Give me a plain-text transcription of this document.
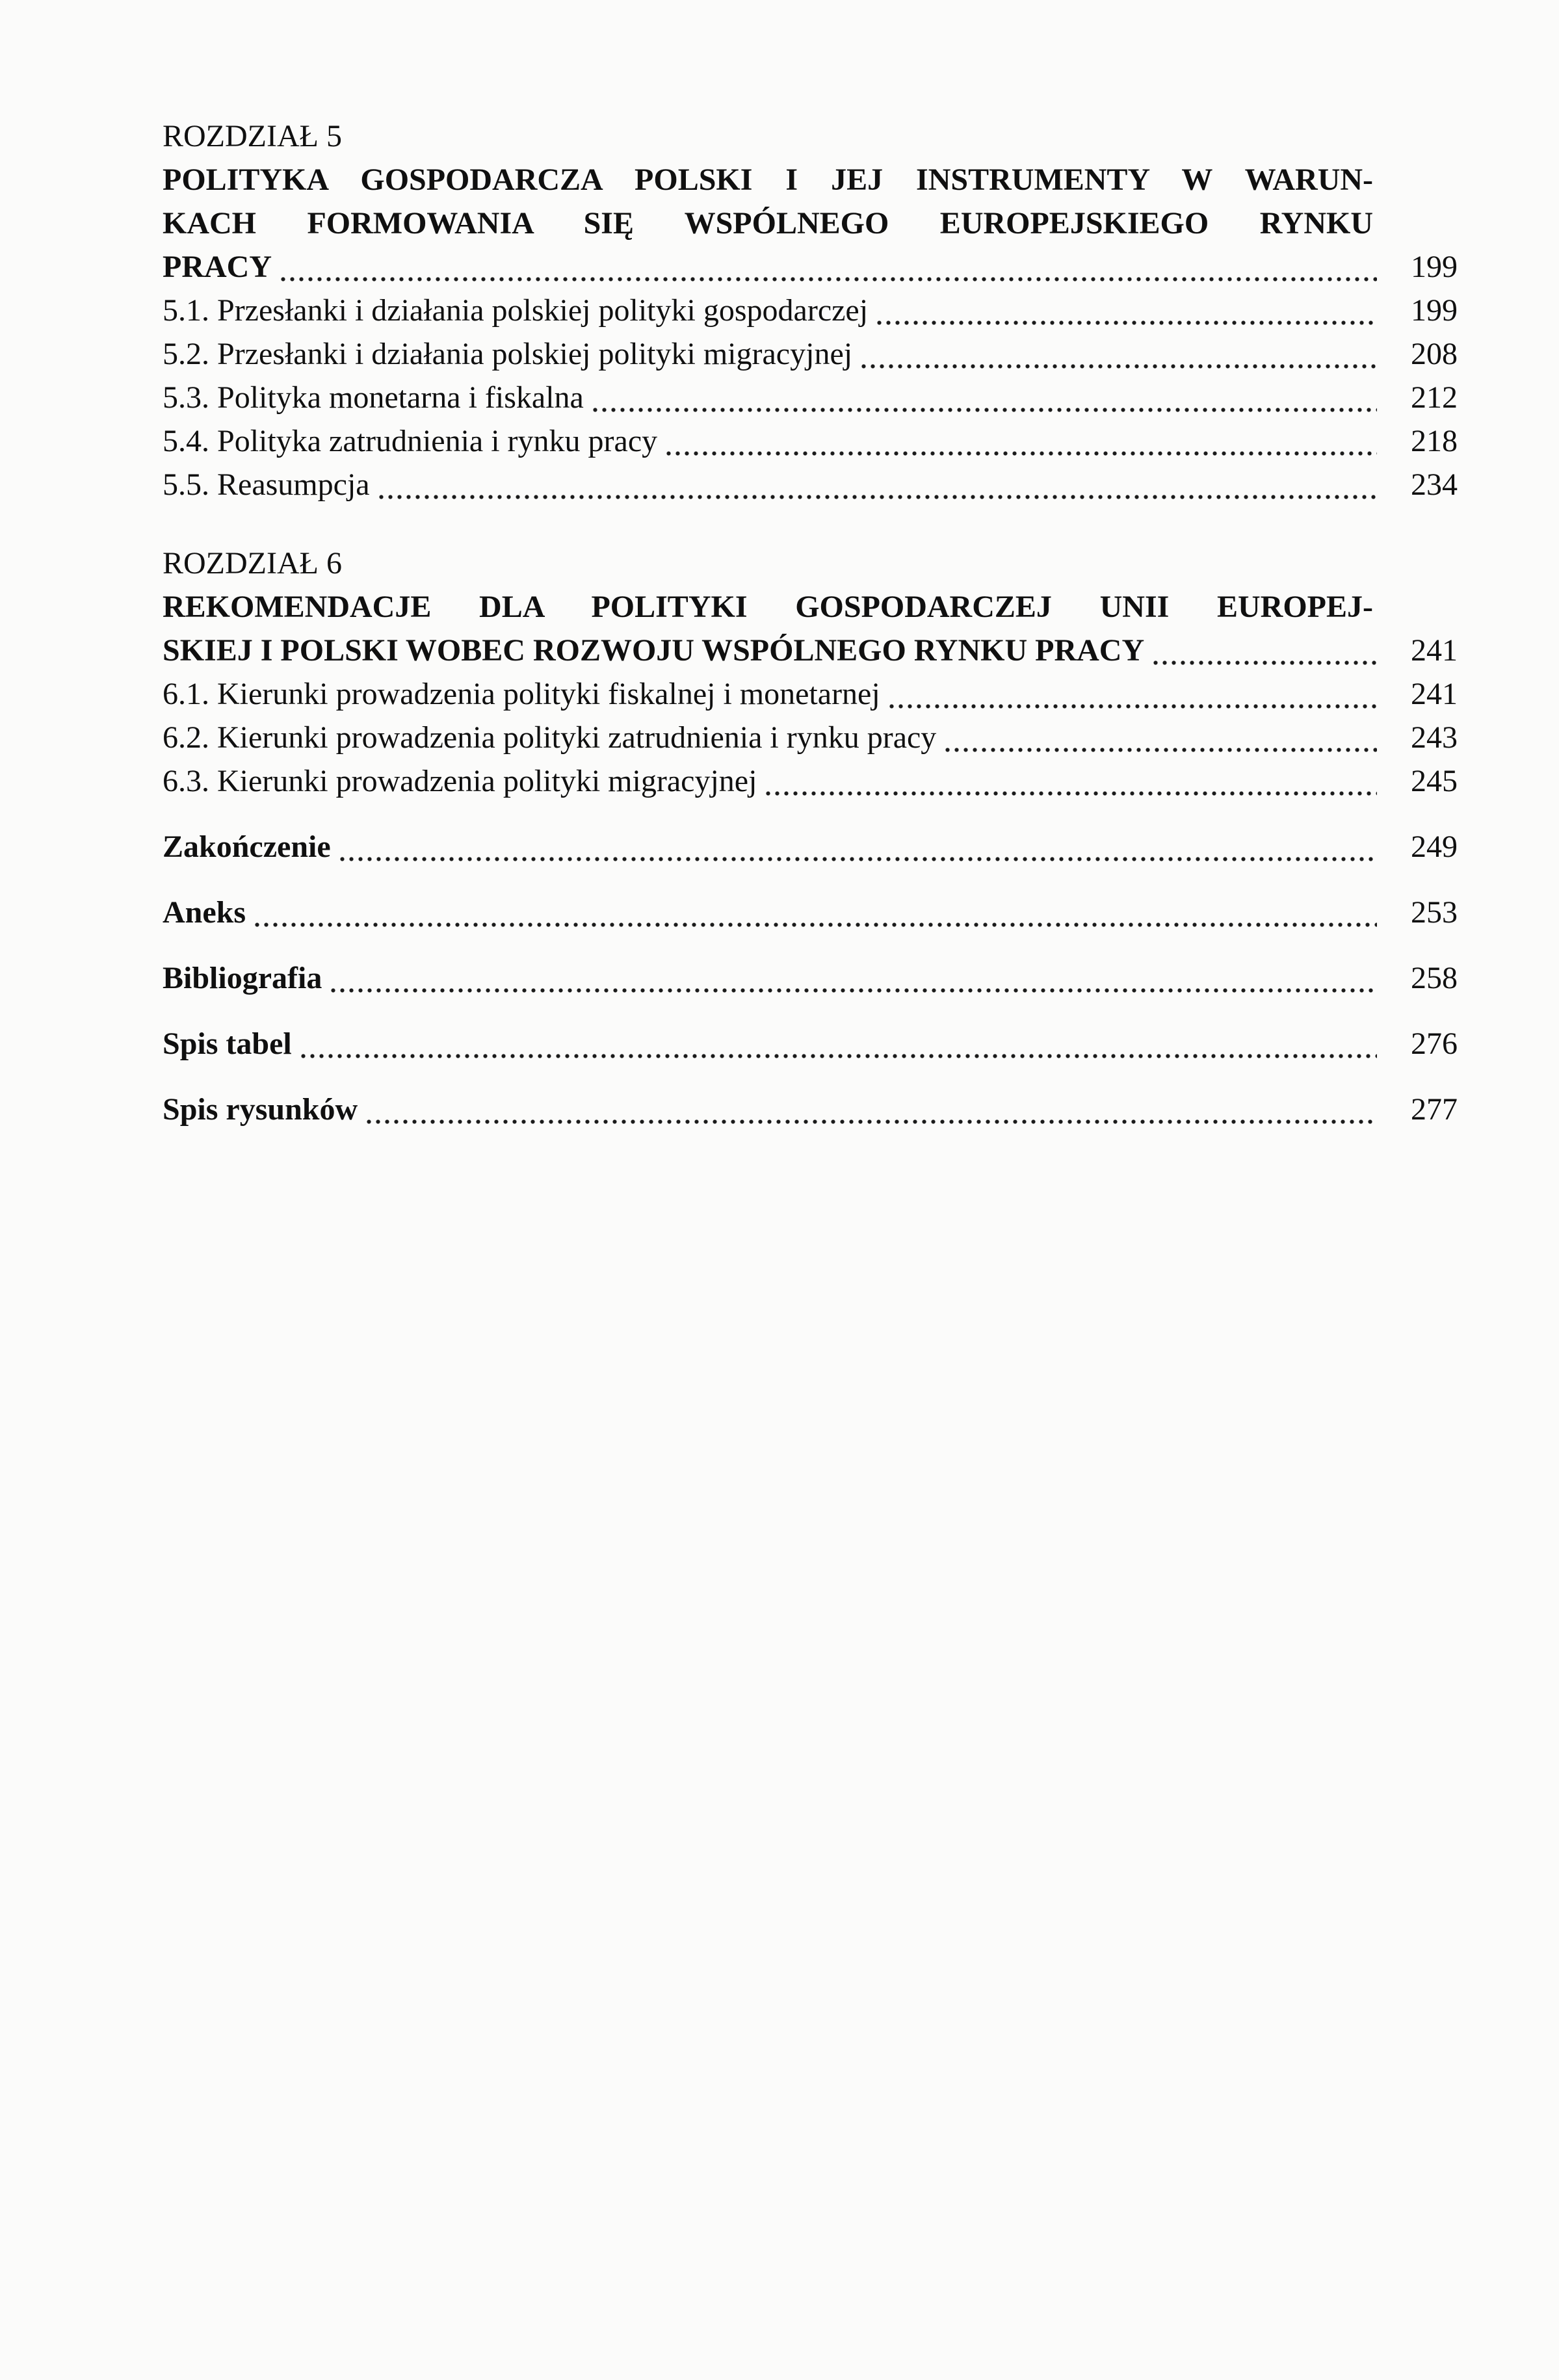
ROZDZIAŁ 5
POLITYKA GOSPODARCZA POLSKI I JEJ INSTRUMENTY W WARUN-
KACH FORMOWANIA SIĘ WSPÓLNEGO EUROPEJSKIEGO RYNKU
PRACY	199
5.1. Przesłanki i działania polskiej polityki gospodarczej	199
5.2. Przesłanki i działania polskiej polityki migracyjnej	208
5.3. Polityka monetarna i fiskalna	212
5.4. Polityka zatrudnienia i rynku pracy	218
5.5. Reasumpcja	234
ROZDZIAŁ 6
REKOMENDACJE DLA POLITYKI GOSPODARCZEJ UNII EUROPEJ-
SKIEJ I POLSKI WOBEC ROZWOJU WSPÓLNEGO RYNKU PRACY	241
6.1. Kierunki prowadzenia polityki fiskalnej i monetarnej	241
6.2. Kierunki prowadzenia polityki zatrudnienia i rynku pracy	243
6.3. Kierunki prowadzenia polityki migracyjnej	245
Zakończenie	249
Aneks	253
Bibliografia	258
Spis tabel	276
Spis rysunków	277
